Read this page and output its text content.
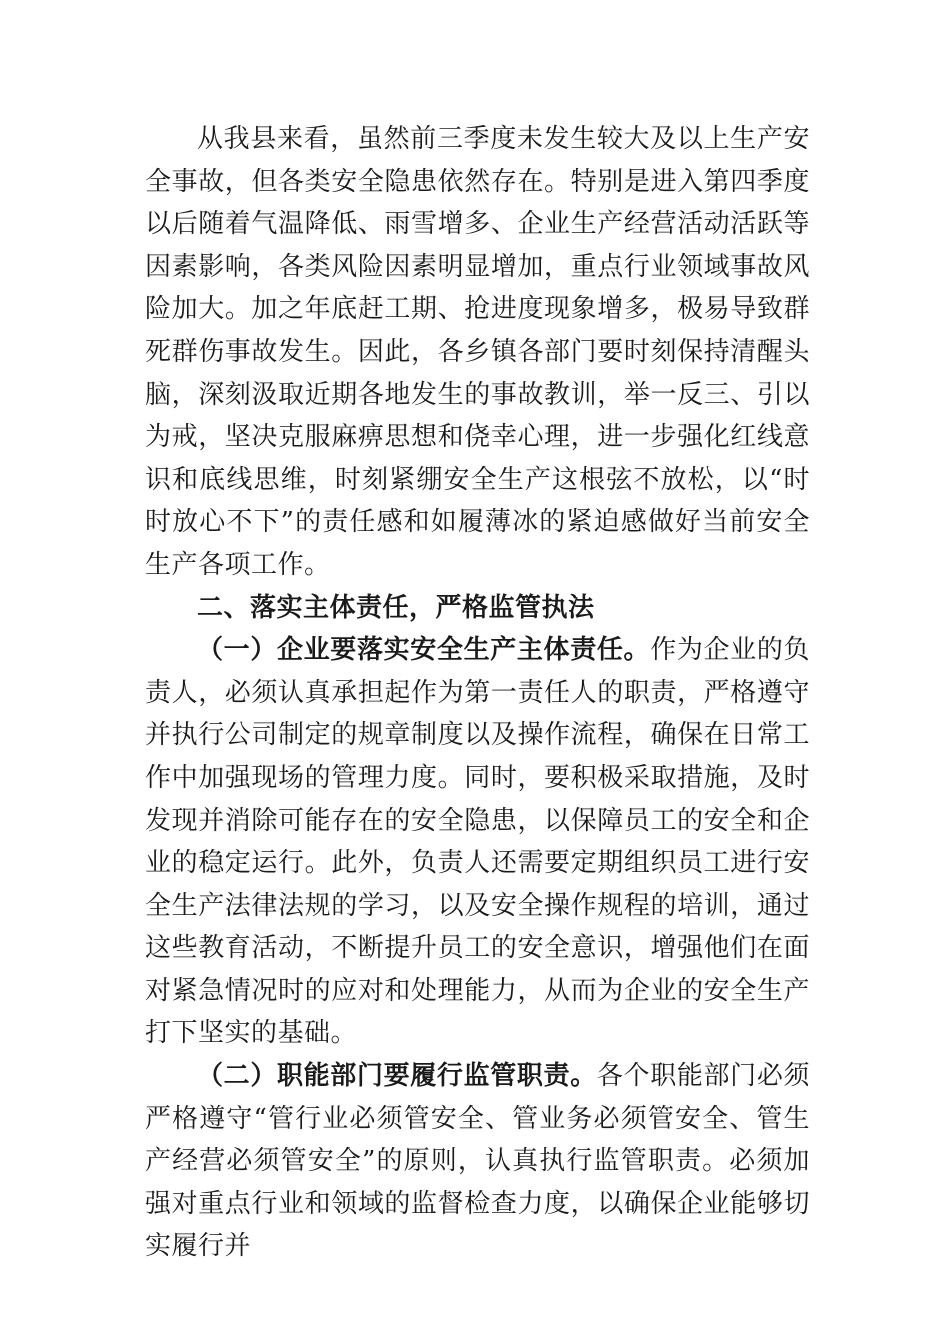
从我县来看，虽然前三季度未发生较大及以上生产安全事故，但各类安全隐患依然存在。特别是进入第四季度以后随着气温降低、雨雪增多、企业生产经营活动活跃等因素影响，各类风险因素明显增加，重点行业领域事故风险加大。加之年底赶工期、抢进度现象增多，极易导致群死群伤事故发生。因此，各乡镇各部门要时刻保持清醒头脑，深刻汲取近期各地发生的事故教训，举一反三、引以为戒，坚决克服麻痹思想和侥幸心理，进一步强化红线意识和底线思维，时刻紧绷安全生产这根弦不放松，以“时时放心不下”的责任感和如履薄冰的紧迫感做好当前安全生产各项工作。

二、落实主体责任，严格监管执法

（一）企业要落实安全生产主体责任。作为企业的负责人，必须认真承担起作为第一责任人的职责，严格遵守并执行公司制定的规章制度以及操作流程，确保在日常工作中加强现场的管理力度。同时，要积极采取措施，及时发现并消除可能存在的安全隐患，以保障员工的安全和企业的稳定运行。此外，负责人还需要定期组织员工进行安全生产法律法规的学习，以及安全操作规程的培训，通过这些教育活动，不断提升员工的安全意识，增强他们在面对紧急情况时的应对和处理能力，从而为企业的安全生产打下坚实的基础。

（二）职能部门要履行监管职责。各个职能部门必须严格遵守“管行业必须管安全、管业务必须管安全、管生产经营必须管安全”的原则，认真执行监管职责。必须加强对重点行业和领域的监督检查力度，以确保企业能够切实履行并
